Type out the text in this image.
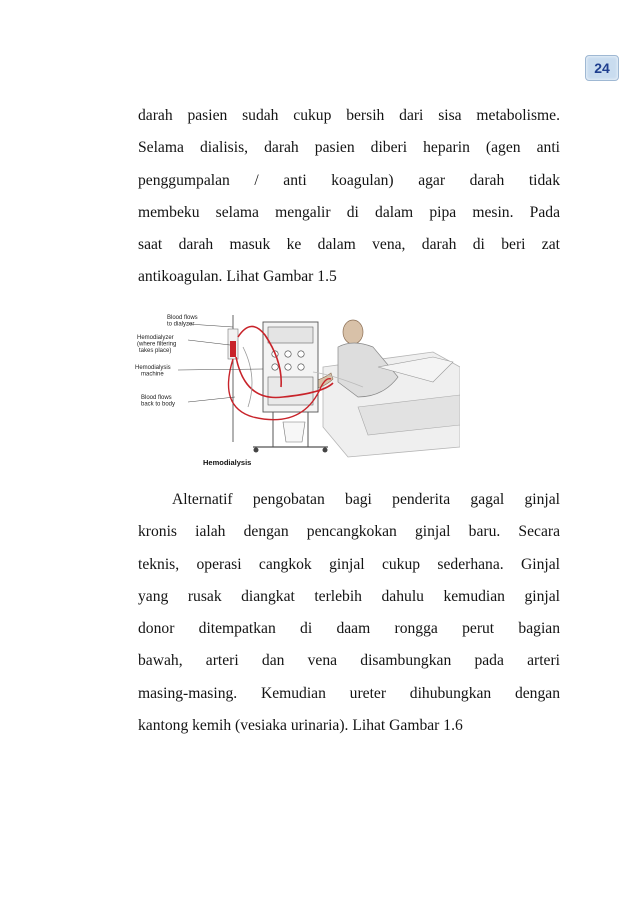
24

darah pasien sudah cukup bersih dari sisa metabolisme.
Selama dialisis, darah pasien diberi heparin (agen anti
penggumpalan / anti koagulan) agar darah tidak
membeku selama mengalir di dalam pipa mesin. Pada
saat darah masuk ke dalam vena, darah di beri zat
antikoagulan. Lihat Gambar 1.5

Blood flows to dialyzer
Hemodialyzer (where filtering takes place)
Hemodialysis machine
Blood flows back to body
Hemodialysis

Alternatif pengobatan bagi penderita gagal ginjal
kronis ialah dengan pencangkokan ginjal baru. Secara
teknis, operasi cangkok ginjal cukup sederhana. Ginjal
yang rusak diangkat terlebih dahulu kemudian ginjal
donor ditempatkan di daam rongga perut bagian
bawah, arteri dan vena disambungkan pada arteri
masing-masing. Kemudian ureter dihubungkan dengan
kantong kemih (vesiaka urinaria). Lihat Gambar 1.6
